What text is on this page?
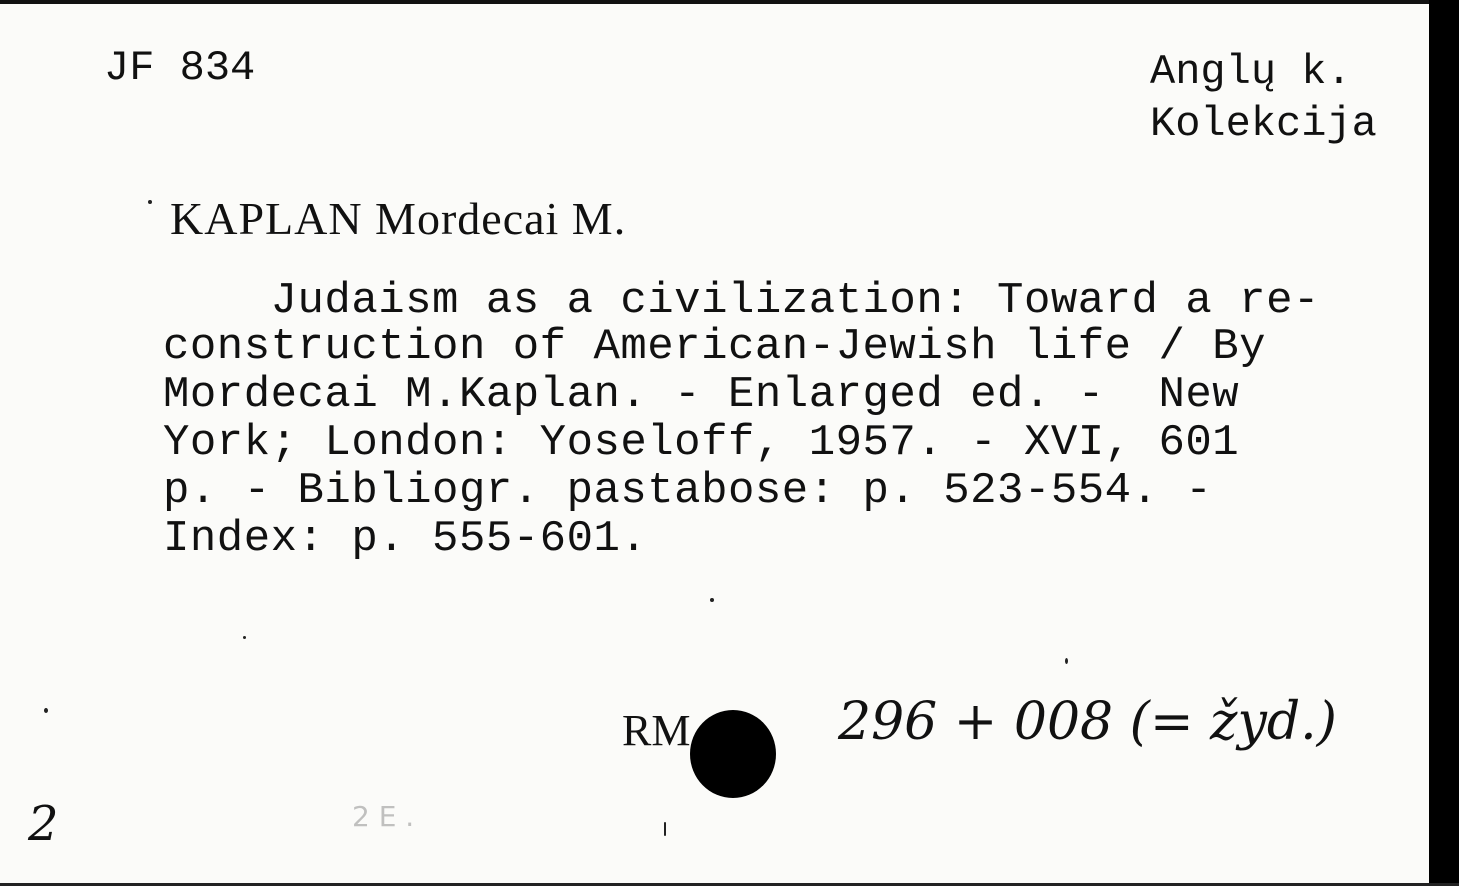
JF 834	Anglų k.
Kolekcija
KAPLAN Mordecai M.
Judaism as a civilization: Toward a re-
construction of American-Jewish life / By
Mordecai M.Kaplan. - Enlarged ed. -  New
York; London: Yoseloff, 1957. - XVI, 601
p. - Bibliogr. pastabose: p. 523-554. -
Index: p. 555-601.
RM	296 + 008 (= žyd.)
2	2 E .
